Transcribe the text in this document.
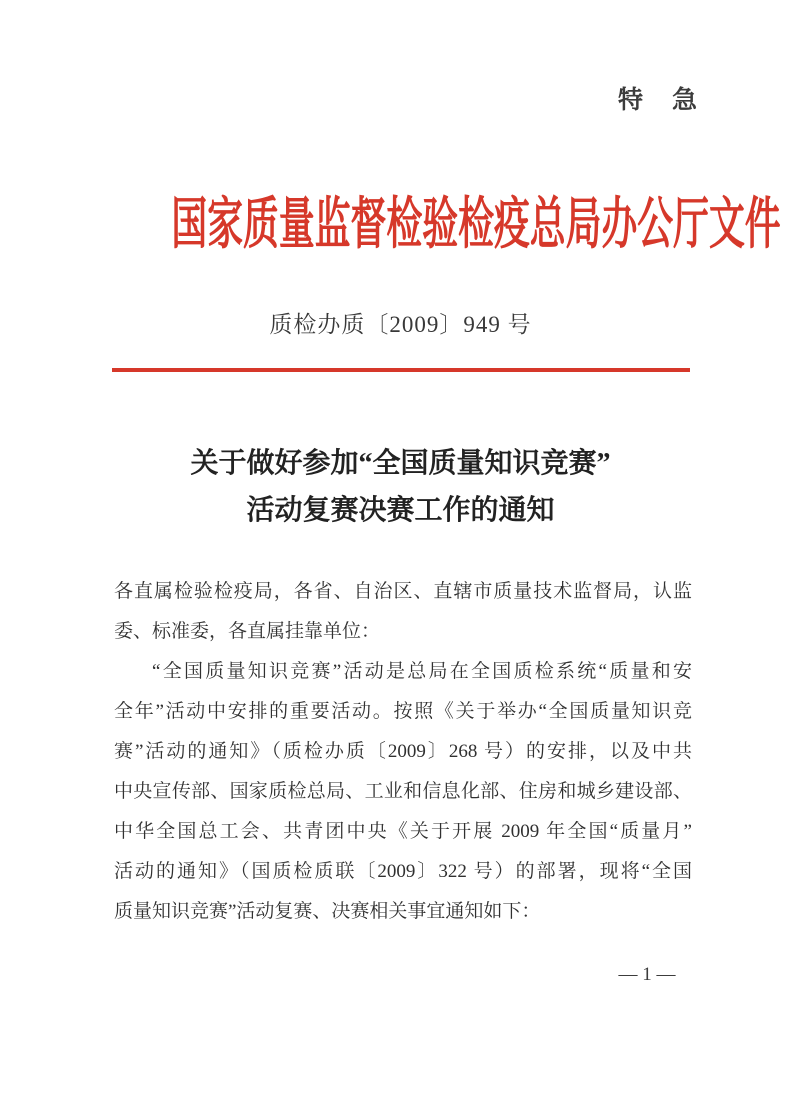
特　急
国家质量监督检验检疫总局办公厅文件
质检办质〔2009〕949 号
关于做好参加“全国质量知识竞赛”
活动复赛决赛工作的通知
各直属检验检疫局，各省、自治区、直辖市质量技术监督局，认监
委、标准委，各直属挂靠单位：
“全国质量知识竞赛”活动是总局在全国质检系统“质量和安
全年”活动中安排的重要活动。按照《关于举办“全国质量知识竞
赛”活动的通知》（质检办质〔2009〕268 号）的安排，以及中共
中央宣传部、国家质检总局、工业和信息化部、住房和城乡建设部、
中华全国总工会、共青团中央《关于开展 2009 年全国“质量月”
活动的通知》（国质检质联〔2009〕322 号）的部署，现将“全国
质量知识竞赛”活动复赛、决赛相关事宜通知如下：
— 1 —
